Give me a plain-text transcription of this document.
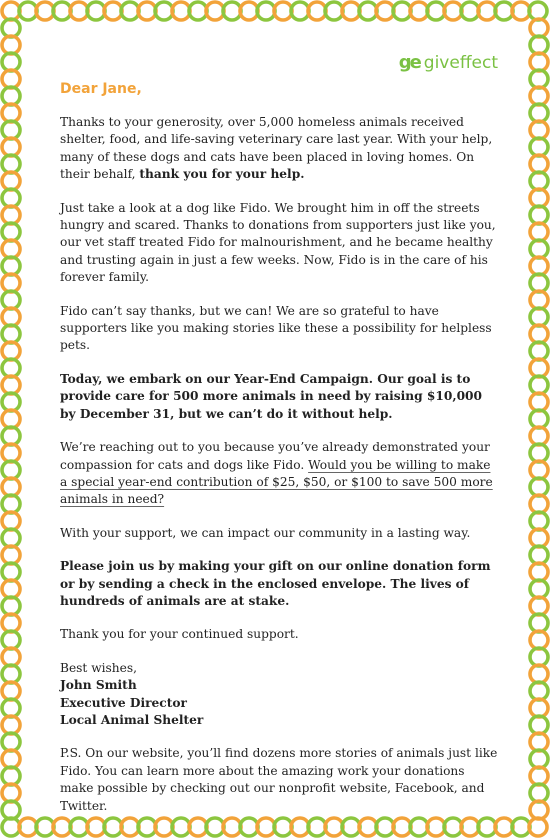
ge giveffect

Dear Jane,

Thanks to your generosity, over 5,000 homeless animals received shelter, food, and life-saving veterinary care last year. With your help, many of these dogs and cats have been placed in loving homes. On their behalf, thank you for your help.

Just take a look at a dog like Fido. We brought him in off the streets hungry and scared. Thanks to donations from supporters just like you, our vet staff treated Fido for malnourishment, and he became healthy and trusting again in just a few weeks. Now, Fido is in the care of his forever family.

Fido can’t say thanks, but we can! We are so grateful to have supporters like you making stories like these a possibility for helpless pets.

Today, we embark on our Year-End Campaign. Our goal is to provide care for 500 more animals in need by raising $10,000 by December 31, but we can’t do it without help.

We’re reaching out to you because you’ve already demonstrated your compassion for cats and dogs like Fido. Would you be willing to make a special year-end contribution of $25, $50, or $100 to save 500 more animals in need?

With your support, we can impact our community in a lasting way.

Please join us by making your gift on our online donation form or by sending a check in the enclosed envelope. The lives of hundreds of animals are at stake.

Thank you for your continued support.

Best wishes,

John Smith

Executive Director

Local Animal Shelter

P.S. On our website, you’ll find dozens more stories of animals just like Fido. You can learn more about the amazing work your donations make possible by checking out our nonprofit website, Facebook, and Twitter.
